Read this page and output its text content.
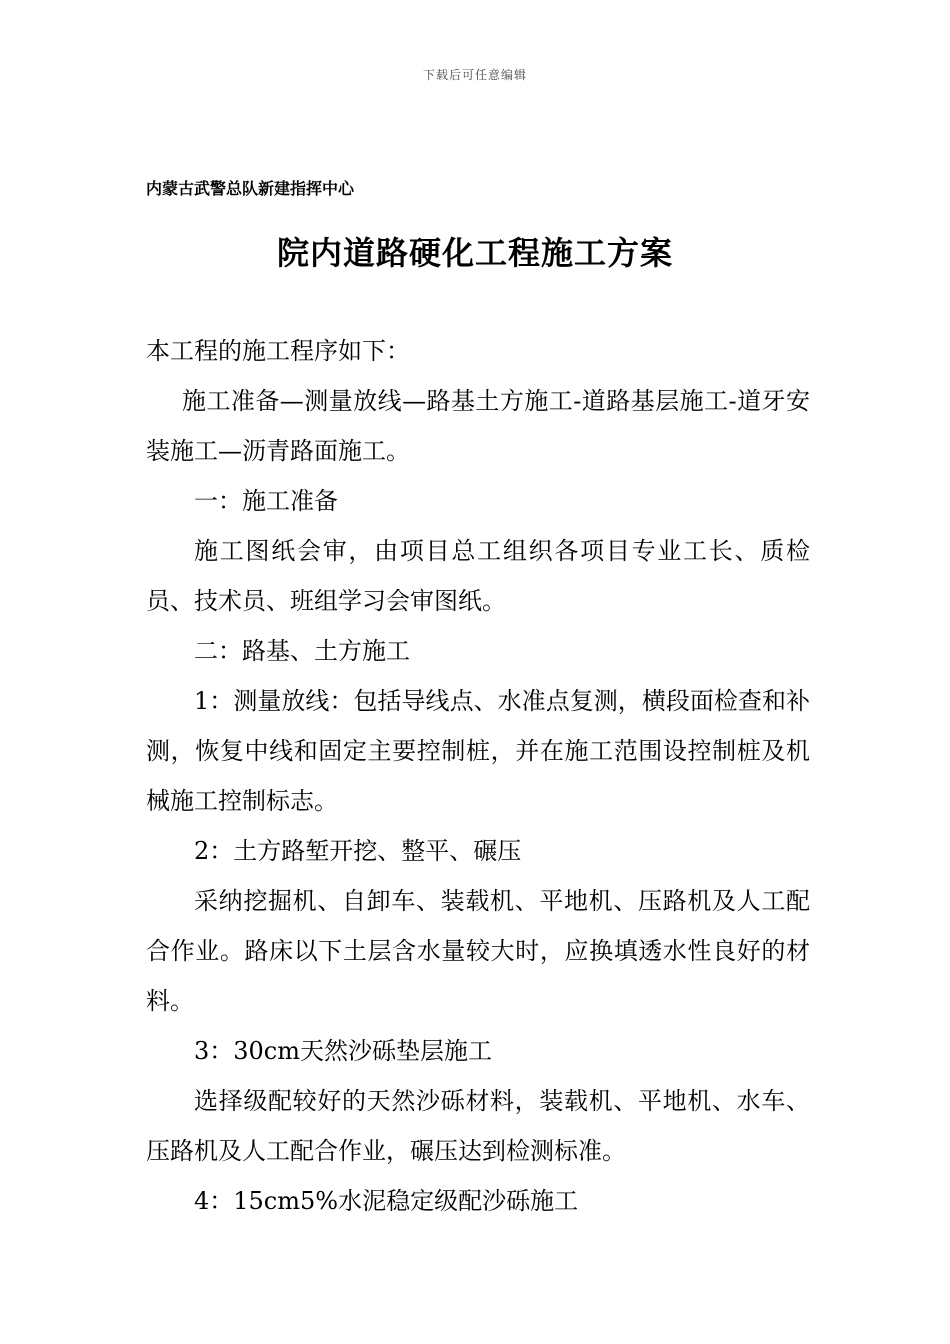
下载后可任意编辑
内蒙古武警总队新建指挥中心
院内道路硬化工程施工方案

本工程的施工程序如下：

施工准备—测量放线—路基土方施工-道路基层施工-道牙安装施工—沥青路面施工。

一：施工准备

施工图纸会审，由项目总工组织各项目专业工长、质检员、技术员、班组学习会审图纸。

二：路基、土方施工

1：测量放线：包括导线点、水准点复测，横段面检查和补测，恢复中线和固定主要控制桩，并在施工范围设控制桩及机械施工控制标志。

2：土方路堑开挖、整平、碾压

采纳挖掘机、自卸车、装载机、平地机、压路机及人工配合作业。路床以下土层含水量较大时，应换填透水性良好的材料。

3：30cm天然沙砾垫层施工

选择级配较好的天然沙砾材料，装载机、平地机、水车、压路机及人工配合作业，碾压达到检测标准。

4：15cm5%水泥稳定级配沙砾施工
